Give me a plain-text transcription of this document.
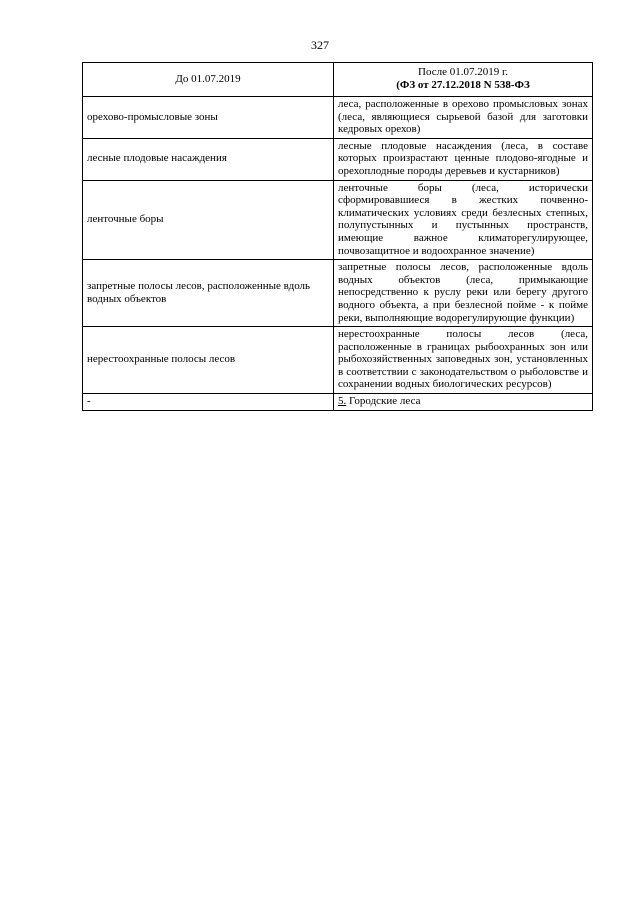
327
До 01.07.2019	После 01.07.2019 г.
(ФЗ от 27.12.2018 N 538-ФЗ

орехово-промысловые зоны	леса, расположенные в орехово промысловых зонах (леса, являющиеся сырьевой базой для заготовки кедровых орехов)
лесные плодовые насаждения	лесные плодовые насаждения (леса, в составе которых произрастают ценные плодово-ягодные и орехоплодные породы деревьев и кустарников)
ленточные боры	ленточные боры (леса, исторически сформировавшиеся в жестких почвенно-климатических условиях среди безлесных степных, полупустынных и пустынных пространств, имеющие важное климаторегулирующее, почвозащитное и водоохранное значение)
запретные полосы лесов, расположенные вдоль водных объектов	запретные полосы лесов, расположенные вдоль водных объектов (леса, примыкающие непосредственно к руслу реки или берегу другого водного объекта, а при безлесной пойме - к пойме реки, выполняющие водорегулирующие функции)
нерестоохранные полосы лесов	нерестоохранные полосы лесов (леса, расположенные в границах рыбоохранных зон или рыбохозяйственных заповедных зон, установленных в соответствии с законодательством о рыболовстве и сохранении водных биологических ресурсов)
-	5. Городские леса
